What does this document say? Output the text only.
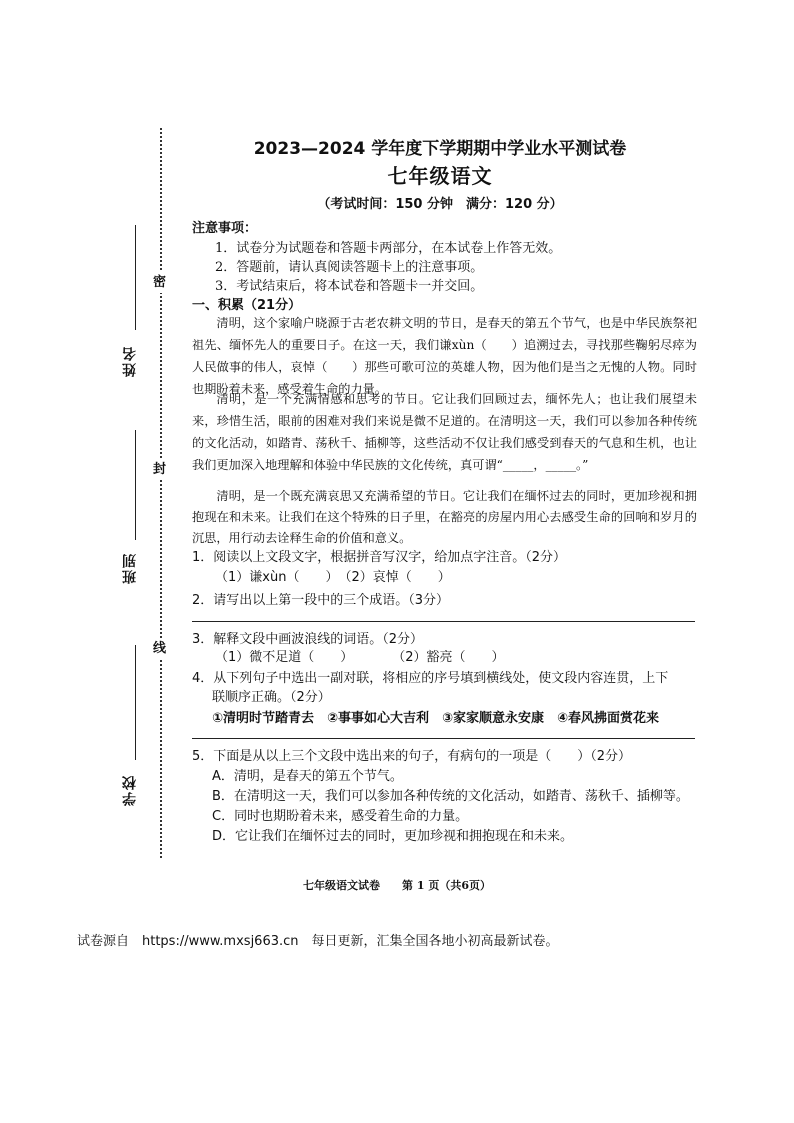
密
封
线
姓名
班别
学校
2023—2024 学年度下学期期中学业水平测试卷
七年级语文
（考试时间：150 分钟　满分：120 分）
注意事项：
1．试卷分为试题卷和答题卡两部分，在本试卷上作答无效。
2．答题前，请认真阅读答题卡上的注意事项。
3．考试结束后，将本试卷和答题卡一并交回。
一、积累（21分）

清明，这个家喻户晓源于古老农耕文明的节日，是春天的第五个节气，也是中华民族祭祀祖先、缅怀先人的重要日子。在这一天，我们谦xùn（　　）追溯过去，寻找那些鞠躬尽瘁为人民做事的伟人，哀悼（　　）那些可歌可泣的英雄人物，因为他们是当之无愧的人物。同时也期盼着未来，感受着生命的力量。

清明，是一个充满情感和思考的节日。它让我们回顾过去，缅怀先人；也让我们展望未来，珍惜生活，眼前的困难对我们来说是微不足道的。在清明这一天，我们可以参加各种传统的文化活动，如踏青、荡秋千、插柳等，这些活动不仅让我们感受到春天的气息和生机，也让我们更加深入地理解和体验中华民族的文化传统，真可谓“_____，_____。”

清明，是一个既充满哀思又充满希望的节日。它让我们在缅怀过去的同时，更加珍视和拥抱现在和未来。让我们在这个特殊的日子里，在豁亮的房屋内用心去感受生命的回响和岁月的沉思，用行动去诠释生命的价值和意义。

1．阅读以上文段文字，根据拼音写汉字，给加点字注音。（2分）
（1）谦xùn（　　）　（2）哀悼（　　）
2．请写出以上第一段中的三个成语。（3分）
3．解释文段中画波浪线的词语。（2分）
（1）微不足道（　　）　　　　（2）豁亮（　　）
4．从下列句子中选出一副对联，将相应的序号填到横线处，使文段内容连贯，上下
联顺序正确。（2分）
①清明时节踏青去　②事事如心大吉利　③家家顺意永安康　④春风拂面赏花来
5．下面是从以上三个文段中选出来的句子，有病句的一项是（　　）（2分）
A．清明，是春天的第五个节气。
B．在清明这一天，我们可以参加各种传统的文化活动，如踏青、荡秋千、插柳等。
C．同时也期盼着未来，感受着生命的力量。
D．它让我们在缅怀过去的同时，更加珍视和拥抱现在和未来。
七年级语文试卷　　第 1 页（共6页）
试卷源自　https://www.mxsj663.cn　每日更新，汇集全国各地小初高最新试卷。
